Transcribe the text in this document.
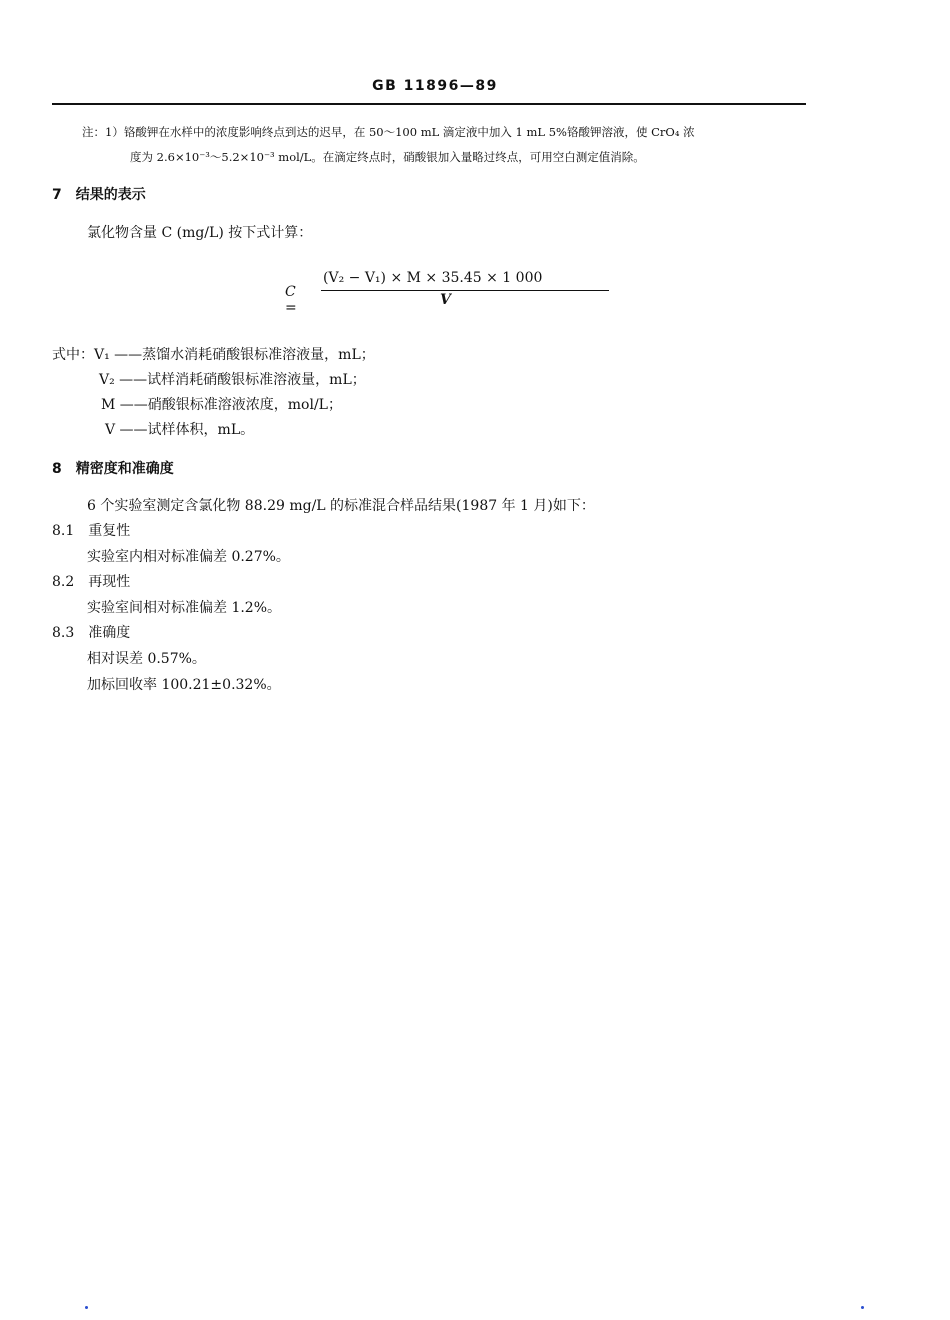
GB 11896—89
注：1）铬酸钾在水样中的浓度影响终点到达的迟早，在 50～100 mL 滴定液中加入 1 mL 5%铬酸钾溶液，使 CrO₄ 浓
度为 2.6×10⁻³～5.2×10⁻³ mol/L。在滴定终点时，硝酸银加入量略过终点，可用空白测定值消除。
7　结果的表示
氯化物含量 C (mg/L) 按下式计算：
C =
(V₂ − V₁) × M × 35.45 × 1 000
V
式中：V₁ ——蒸馏水消耗硝酸银标准溶液量，mL；
V₂ ——试样消耗硝酸银标准溶液量，mL；
M ——硝酸银标准溶液浓度，mol/L；
V ——试样体积，mL。
8　精密度和准确度
6 个实验室测定含氯化物 88.29 mg/L 的标准混合样品结果(1987 年 1 月)如下：
8.1　重复性
实验室内相对标准偏差 0.27%。
8.2　再现性
实验室间相对标准偏差 1.2%。
8.3　准确度
相对误差 0.57%。
加标回收率 100.21±0.32%。
